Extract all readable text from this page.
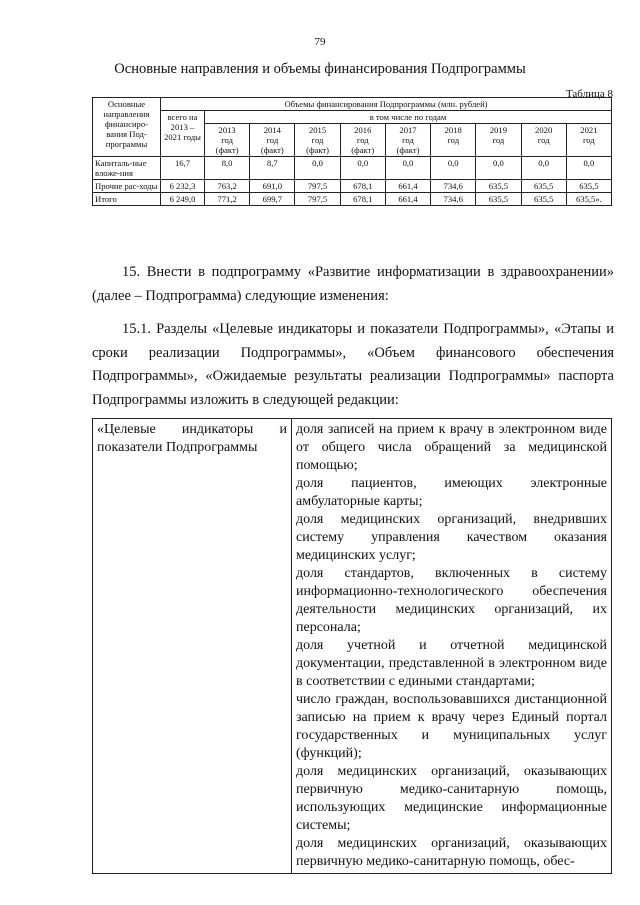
79
Основные направления и объемы финансирования Подпрограммы
Таблица 8
Основные направления финансиро-вания Под-программы	Объемы финансирования Подпрограммы (млн. рублей)									
	всего на 2013 – 2021 годы	в том числе по годам								

		2013
год
(факт)	2014
год
(факт)	2015
год
(факт)	2016
год
(факт)	2017
год
(факт)	2018
год	2019
год	2020
год	2021
год

Капиталь-ные вложе-ния	16,7	8,0	8,7	0,0	0,0	0,0	0,0	0,0	0,0	0,0
Прочие рас-ходы	6 232,3	763,2	691,0	797,5	678,1	661,4	734,6	635,5	635,5	635,5
Итого	6 249,0	771,2	699,7	797,5	678,1	661,4	734,6	635,5	635,5	635,5».
15. Внести в подпрограмму «Развитие информатизации в здравоохранении» (далее – Подпрограмма) следующие изменения:
15.1. Разделы «Целевые индикаторы и показатели Подпрограммы», «Этапы и сроки реализации Подпрограммы», «Объем финансового обеспечения Подпрограммы», «Ожидаемые результаты реализации Подпрограммы» паспорта Подпрограммы изложить в следующей редакции:
«Целевые индикаторы и показатели Подпрограммы	
доля записей на прием к врачу в электронном виде от общего числа обращений за медицинской помощью;
доля пациентов, имеющих электронные амбулаторные карты;
доля медицинских организаций, внедривших систему управления качеством оказания медицинских услуг;
доля стандартов, включенных в систему информационно-технологического обеспечения деятельности медицинских организаций, их персонала;
доля учетной и отчетной медицинской документации, представленной в электронном виде в соответствии с едиными стандартами;
число граждан, воспользовавшихся дистанционной записью на прием к врачу через Единый портал государственных и муниципальных услуг (функций);
доля медицинских организаций, оказывающих первичную медико-санитарную помощь, использующих медицинские информационные системы;
доля медицинских организаций, оказывающих первичную медико-санитарную помощь, обес-
